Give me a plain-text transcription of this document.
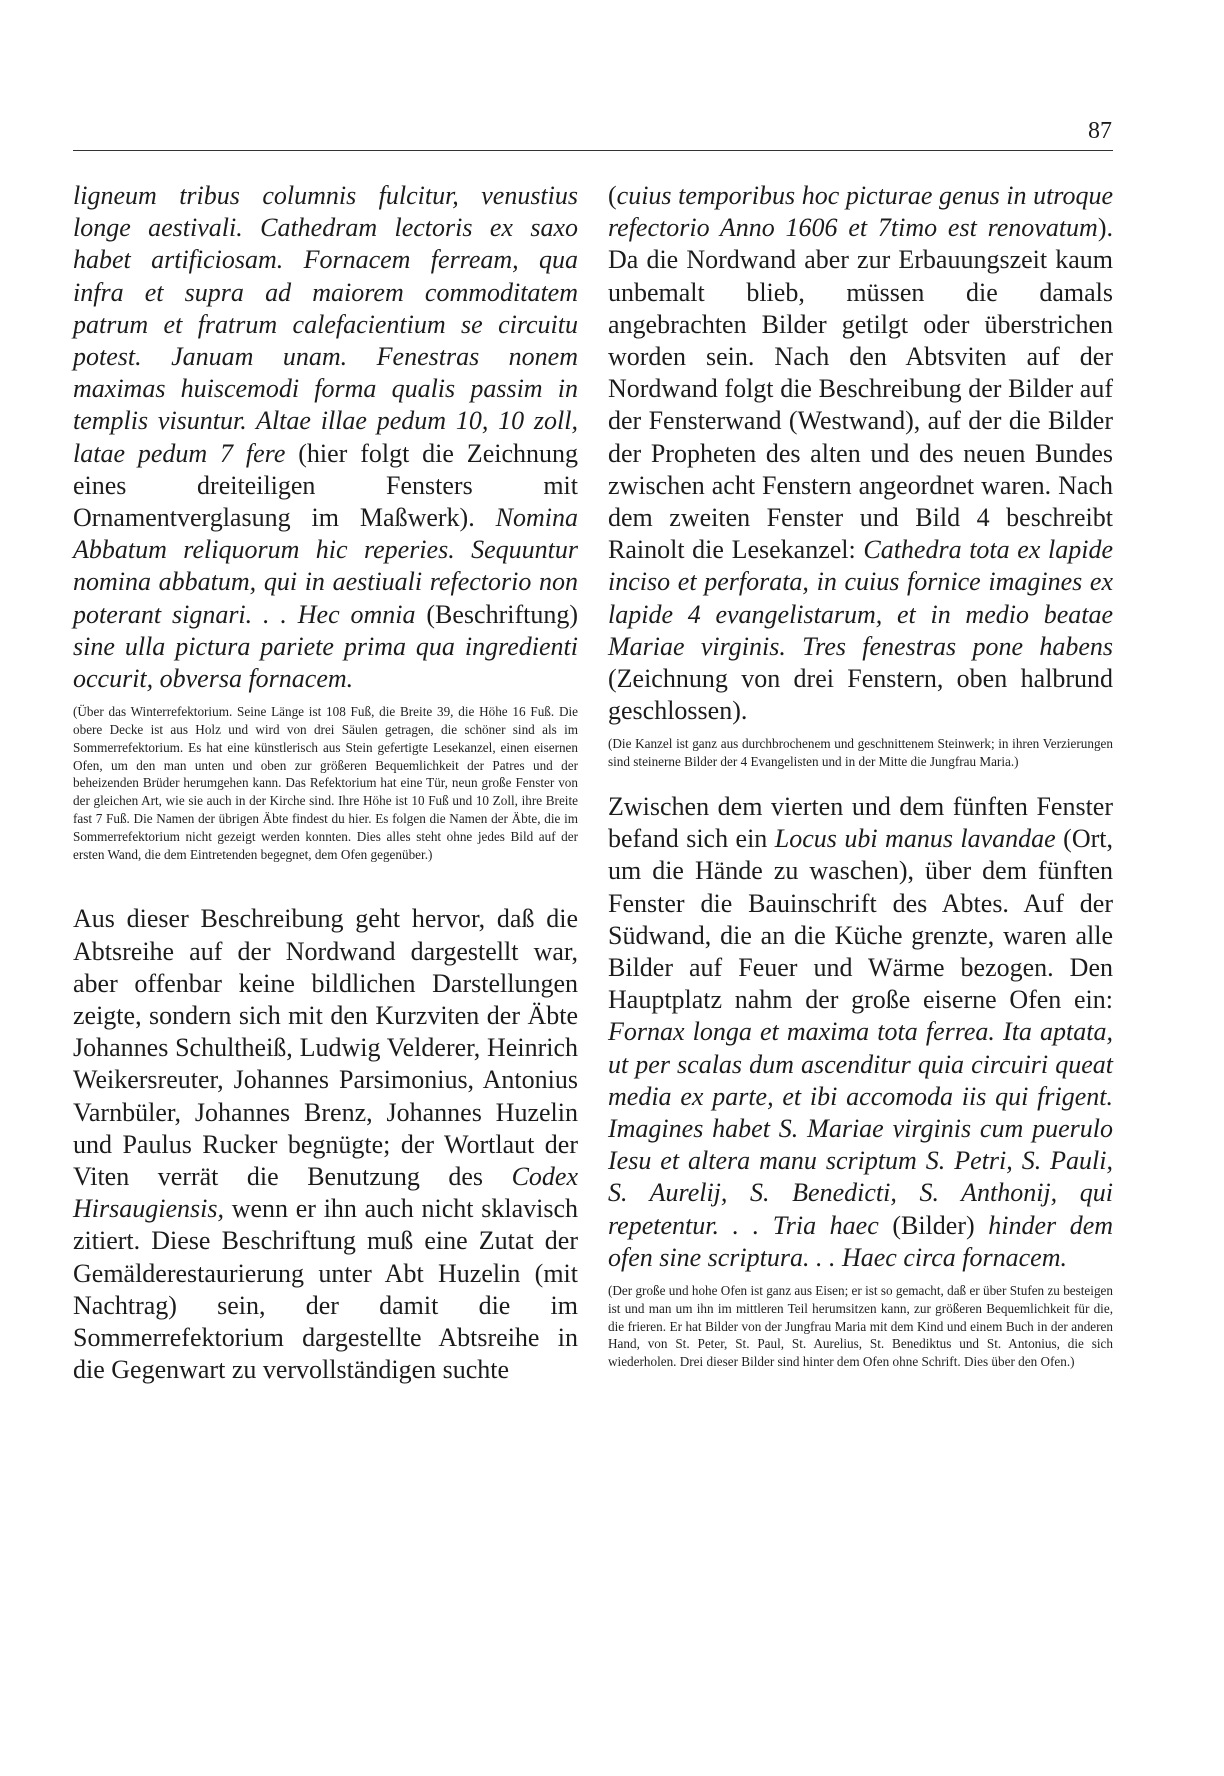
87

ligneum tribus columnis fulcitur, venustius longe aestivali. Cathedram lectoris ex saxo habet artificiosam. Fornacem ferream, qua infra et supra ad maiorem commoditatem patrum et fratrum calefacientium se circuitu potest. Januam unam. Fenestras nonem maximas huiscemodi forma qualis passim in templis visuntur. Altae illae pedum 10, 10 zoll, latae pedum 7 fere (hier folgt die Zeichnung eines dreiteiligen Fensters mit Ornamentverglasung im Maßwerk). Nomina Abbatum reliquorum hic reperies. Sequuntur nomina abbatum, qui in aestiuali refectorio non poterant signari. . . Hec omnia (Beschriftung) sine ulla pictura pariete prima qua ingredienti occurit, obversa fornacem.

(Über das Winterrefektorium. Seine Länge ist 108 Fuß, die Breite 39, die Höhe 16 Fuß. Die obere Decke ist aus Holz und wird von drei Säulen getragen, die schöner sind als im Sommerrefektorium. Es hat eine künstlerisch aus Stein gefertigte Lesekanzel, einen eisernen Ofen, um den man unten und oben zur größeren Bequemlichkeit der Patres und der beheizenden Brüder herumgehen kann. Das Refektorium hat eine Tür, neun große Fenster von der gleichen Art, wie sie auch in der Kirche sind. Ihre Höhe ist 10 Fuß und 10 Zoll, ihre Breite fast 7 Fuß. Die Namen der übrigen Äbte findest du hier. Es folgen die Namen der Äbte, die im Sommerrefektorium nicht gezeigt werden konnten. Dies alles steht ohne jedes Bild auf der ersten Wand, die dem Eintretenden begegnet, dem Ofen gegenüber.)

Aus dieser Beschreibung geht hervor, daß die Abtsreihe auf der Nordwand dargestellt war, aber offenbar keine bildlichen Darstellungen zeigte, sondern sich mit den Kurzviten der Äbte Johannes Schultheiß, Ludwig Velderer, Heinrich Weikersreuter, Johannes Parsimonius, Antonius Varnbüler, Johannes Brenz, Johannes Huzelin und Paulus Rucker begnügte; der Wortlaut der Viten verrät die Benutzung des Codex Hirsaugiensis, wenn er ihn auch nicht sklavisch zitiert. Diese Beschriftung muß eine Zutat der Gemälderestaurierung unter Abt Huzelin (mit Nachtrag) sein, der damit die im Sommerrefektorium dargestellte Abtsreihe in die Gegenwart zu vervollständigen suchte

(cuius temporibus hoc picturae genus in utroque refectorio Anno 1606 et 7timo est renovatum). Da die Nordwand aber zur Erbauungszeit kaum unbemalt blieb, müssen die damals angebrachten Bilder getilgt oder überstrichen worden sein. Nach den Abtsviten auf der Nordwand folgt die Beschreibung der Bilder auf der Fensterwand (Westwand), auf der die Bilder der Propheten des alten und des neuen Bundes zwischen acht Fenstern angeordnet waren. Nach dem zweiten Fenster und Bild 4 beschreibt Rainolt die Lesekanzel: Cathedra tota ex lapide inciso et perforata, in cuius fornice imagines ex lapide 4 evangelistarum, et in medio beatae Mariae virginis. Tres fenestras pone habens (Zeichnung von drei Fenstern, oben halbrund geschlossen).

(Die Kanzel ist ganz aus durchbrochenem und geschnittenem Steinwerk; in ihren Verzierungen sind steinerne Bilder der 4 Evangelisten und in der Mitte die Jungfrau Maria.)

Zwischen dem vierten und dem fünften Fenster befand sich ein Locus ubi manus lavandae (Ort, um die Hände zu waschen), über dem fünften Fenster die Bauinschrift des Abtes. Auf der Südwand, die an die Küche grenzte, waren alle Bilder auf Feuer und Wärme bezogen. Den Hauptplatz nahm der große eiserne Ofen ein: Fornax longa et maxima tota ferrea. Ita aptata, ut per scalas dum ascenditur quia circuiri queat media ex parte, et ibi accomoda iis qui frigent. Imagines habet S. Mariae virginis cum puerulo Iesu et altera manu scriptum S. Petri, S. Pauli, S. Aurelij, S. Benedicti, S. Anthonij, qui repetentur. . . Tria haec (Bilder) hinder dem ofen sine scriptura. . . Haec circa fornacem.

(Der große und hohe Ofen ist ganz aus Eisen; er ist so gemacht, daß er über Stufen zu besteigen ist und man um ihn im mittleren Teil herumsitzen kann, zur größeren Bequemlichkeit für die, die frieren. Er hat Bilder von der Jungfrau Maria mit dem Kind und einem Buch in der anderen Hand, von St. Peter, St. Paul, St. Aurelius, St. Benediktus und St. Antonius, die sich wiederholen. Drei dieser Bilder sind hinter dem Ofen ohne Schrift. Dies über den Ofen.)
